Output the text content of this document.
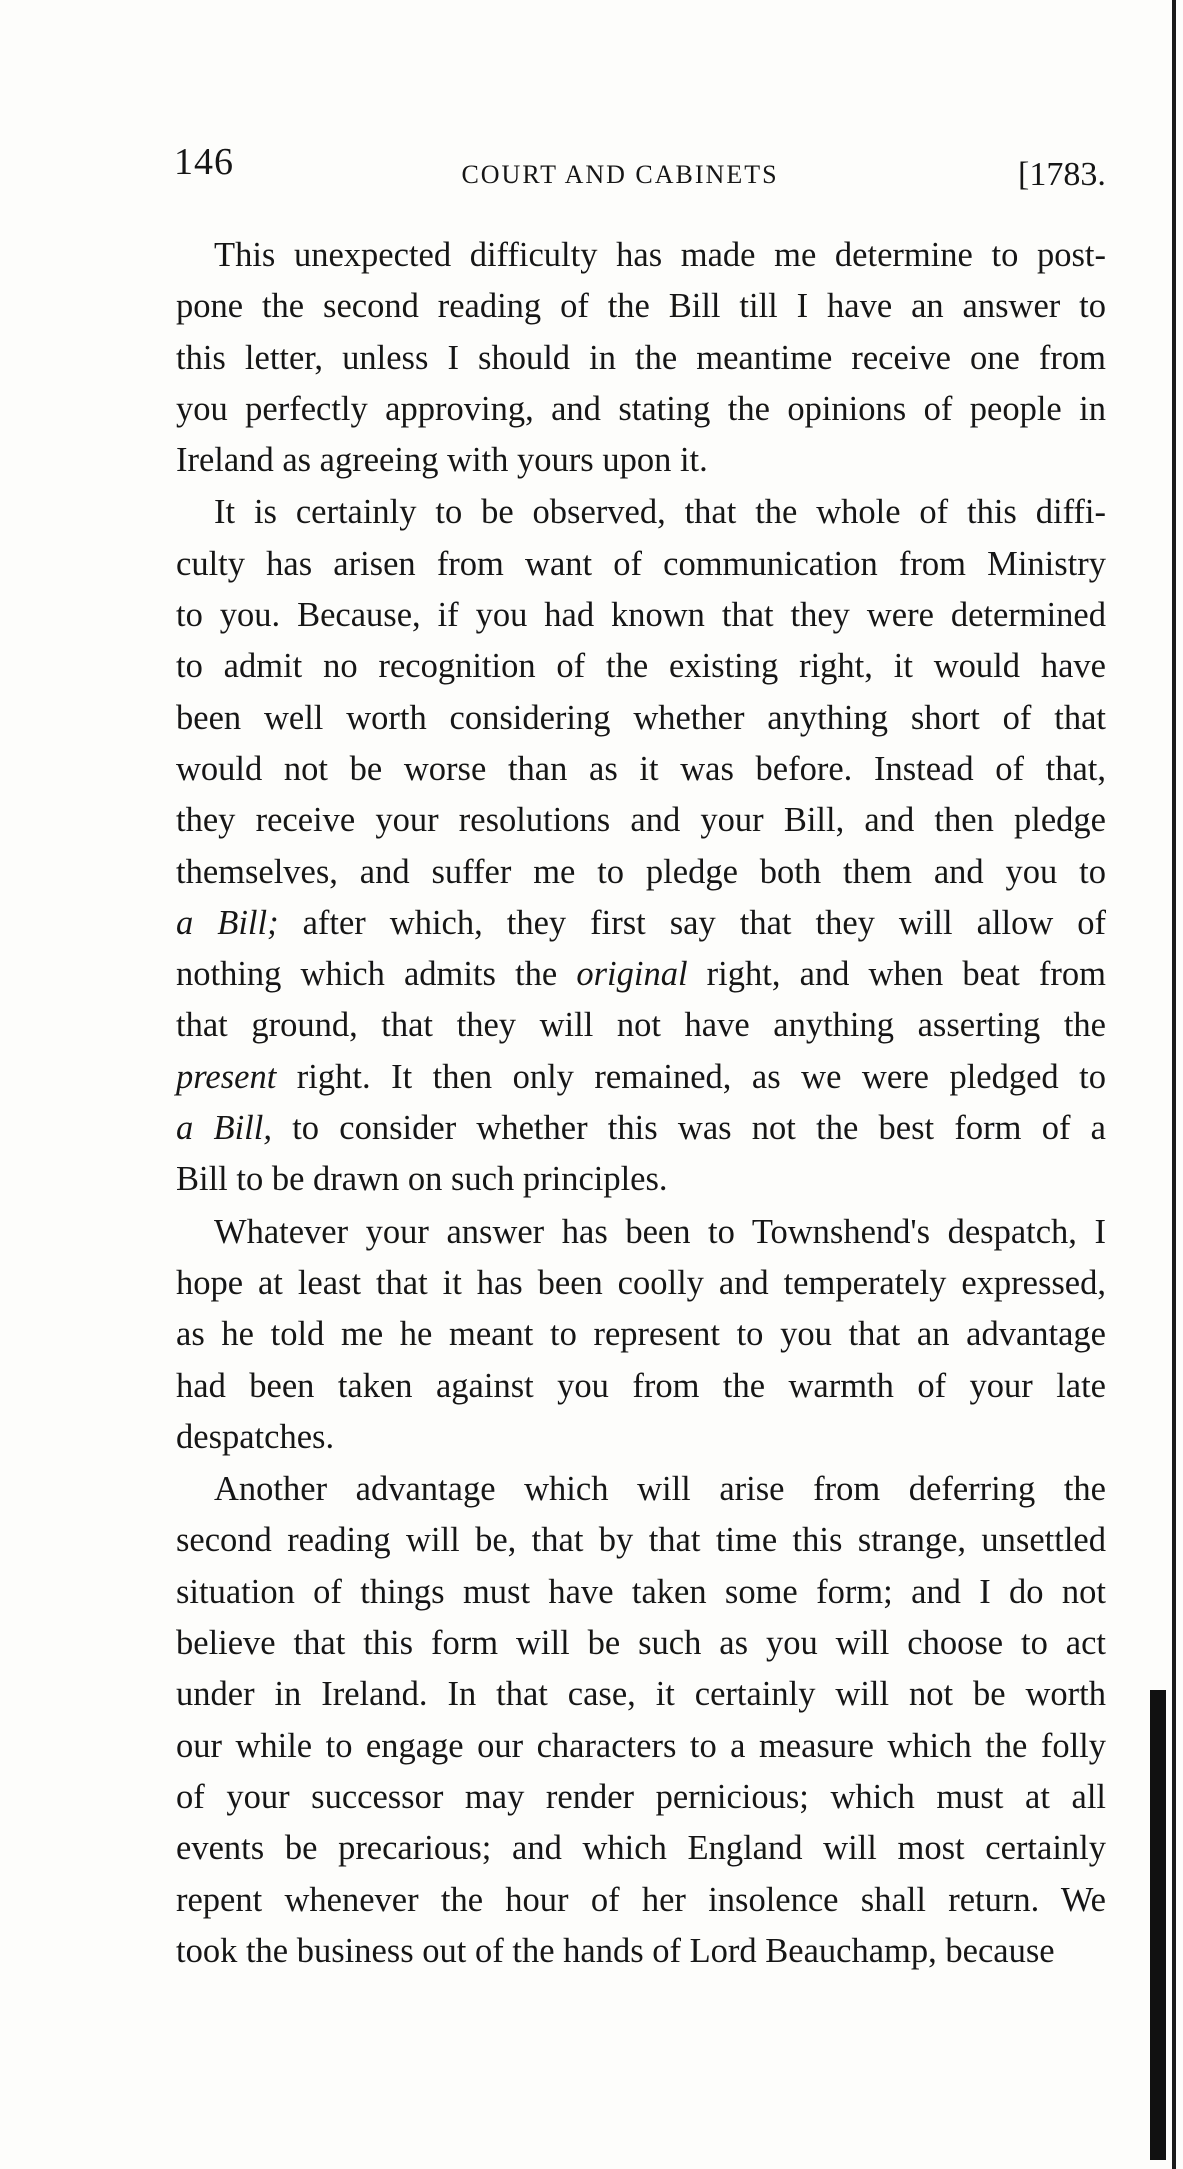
146	COURT AND CABINETS	[1783.
This unexpected difficulty has made me determine to post-
pone the second reading of the Bill till I have an answer to
this letter, unless I should in the meantime receive one from
you perfectly approving, and stating the opinions of people in
Ireland as agreeing with yours upon it.
It is certainly to be observed, that the whole of this diffi-
culty has arisen from want of communication from Ministry
to you. Because, if you had known that they were determined
to admit no recognition of the existing right, it would have
been well worth considering whether anything short of that
would not be worse than as it was before. Instead of that,
they receive your resolutions and your Bill, and then pledge
themselves, and suffer me to pledge both them and you to
a Bill; after which, they first say that they will allow of
nothing which admits the original right, and when beat from
that ground, that they will not have anything asserting the
present right. It then only remained, as we were pledged to
a Bill, to consider whether this was not the best form of a
Bill to be drawn on such principles.
Whatever your answer has been to Townshend's despatch, I
hope at least that it has been coolly and temperately expressed,
as he told me he meant to represent to you that an advantage
had been taken against you from the warmth of your late
despatches.
Another advantage which will arise from deferring the
second reading will be, that by that time this strange, unsettled
situation of things must have taken some form; and I do not
believe that this form will be such as you will choose to act
under in Ireland. In that case, it certainly will not be worth
our while to engage our characters to a measure which the folly
of your successor may render pernicious; which must at all
events be precarious; and which England will most certainly
repent whenever the hour of her insolence shall return. We
took the business out of the hands of Lord Beauchamp, because
